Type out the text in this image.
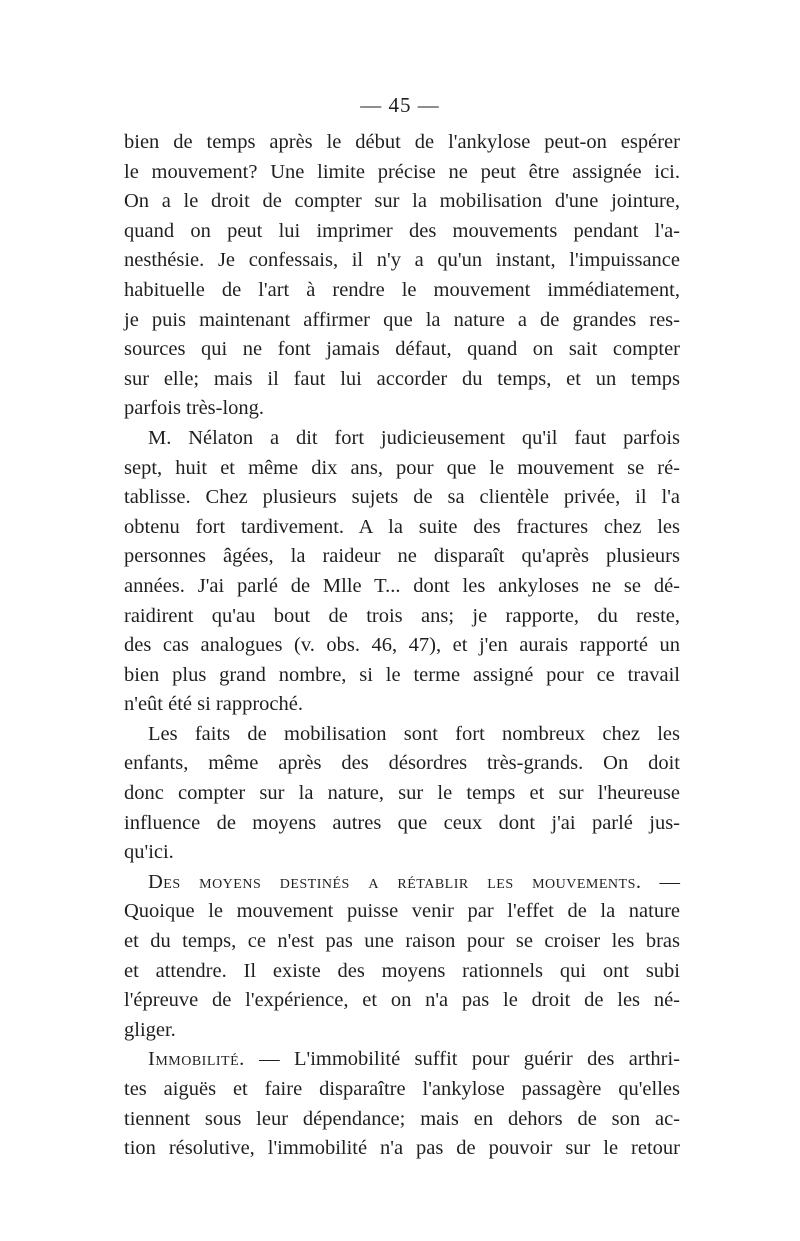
— 45 —
bien de temps après le début de l'ankylose peut-on espérer
le mouvement? Une limite précise ne peut être assignée ici.
On a le droit de compter sur la mobilisation d'une jointure,
quand on peut lui imprimer des mouvements pendant l'a-
nesthésie. Je confessais, il n'y a qu'un instant, l'impuissance
habituelle de l'art à rendre le mouvement immédiatement,
je puis maintenant affirmer que la nature a de grandes res-
sources qui ne font jamais défaut, quand on sait compter
sur elle; mais il faut lui accorder du temps, et un temps
parfois très-long.
M. Nélaton a dit fort judicieusement qu'il faut parfois
sept, huit et même dix ans, pour que le mouvement se ré-
tablisse. Chez plusieurs sujets de sa clientèle privée, il l'a
obtenu fort tardivement. A la suite des fractures chez les
personnes âgées, la raideur ne disparaît qu'après plusieurs
années. J'ai parlé de Mlle T... dont les ankyloses ne se dé-
raidirent qu'au bout de trois ans; je rapporte, du reste,
des cas analogues (v. obs. 46, 47), et j'en aurais rapporté un
bien plus grand nombre, si le terme assigné pour ce travail
n'eût été si rapproché.
Les faits de mobilisation sont fort nombreux chez les
enfants, même après des désordres très-grands. On doit
donc compter sur la nature, sur le temps et sur l'heureuse
influence de moyens autres que ceux dont j'ai parlé jus-
qu'ici.
Des moyens destinés a rétablir les mouvements. —
Quoique le mouvement puisse venir par l'effet de la nature
et du temps, ce n'est pas une raison pour se croiser les bras
et attendre. Il existe des moyens rationnels qui ont subi
l'épreuve de l'expérience, et on n'a pas le droit de les né-
gliger.
Immobilité. — L'immobilité suffit pour guérir des arthri-
tes aiguës et faire disparaître l'ankylose passagère qu'elles
tiennent sous leur dépendance; mais en dehors de son ac-
tion résolutive, l'immobilité n'a pas de pouvoir sur le retour
